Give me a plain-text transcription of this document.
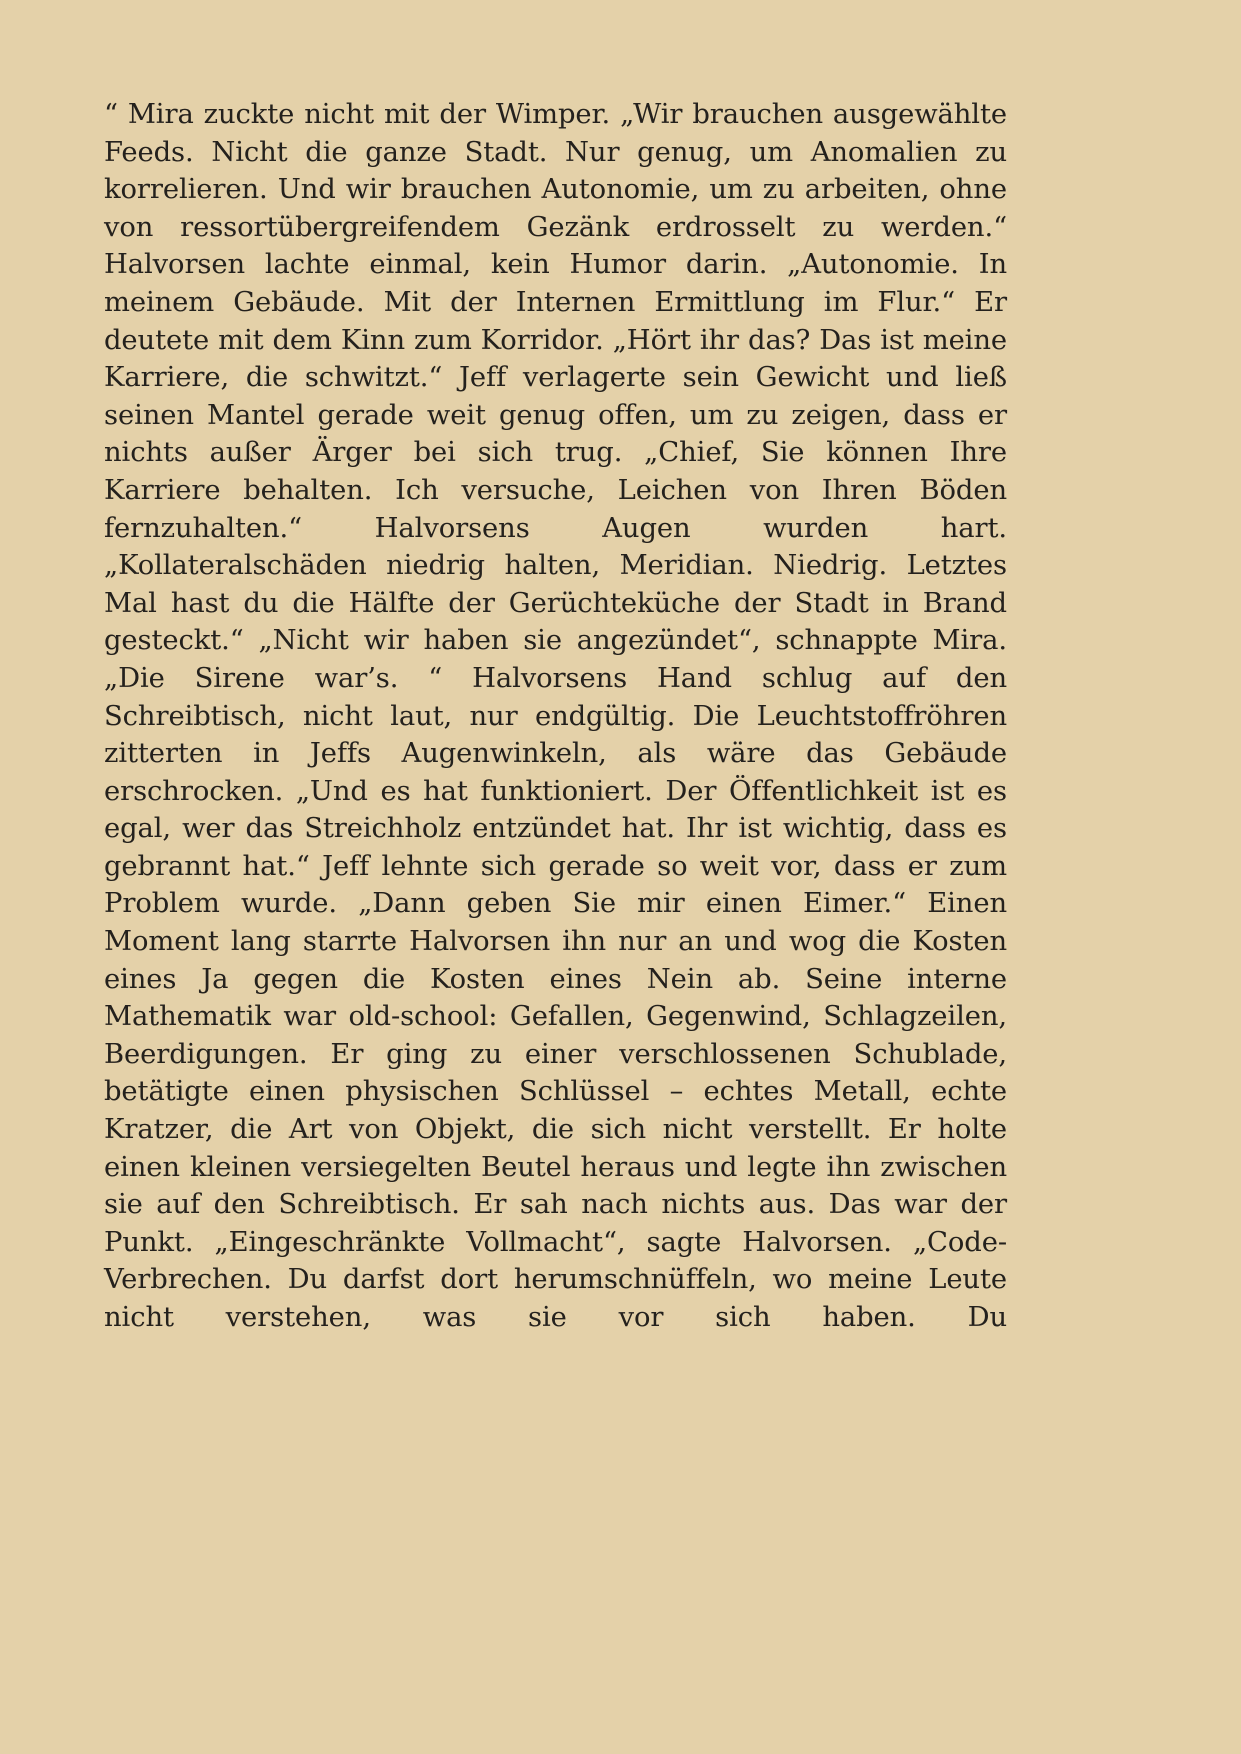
“ Mira zuckte nicht mit der Wimper. „Wir brauchen ausgewählte Feeds. Nicht die ganze Stadt. Nur genug, um Anomalien zu korrelieren. Und wir brauchen Autonomie, um zu arbeiten, ohne von ressortübergreifendem Gezänk erdrosselt zu werden.“ Halvorsen lachte einmal, kein Humor darin. „Autonomie. In meinem Gebäude. Mit der Internen Ermittlung im Flur.“ Er deutete mit dem Kinn zum Korridor. „Hört ihr das? Das ist meine Karriere, die schwitzt.“ Jeff verlagerte sein Gewicht und ließ seinen Mantel gerade weit genug offen, um zu zeigen, dass er nichts außer Ärger bei sich trug. „Chief, Sie können Ihre Karriere behalten. Ich versuche, Leichen von Ihren Böden fernzuhalten.“ Halvorsens Augen wurden hart. „Kollateralschäden niedrig halten, Meridian. Niedrig. Letztes Mal hast du die Hälfte der Gerüchteküche der Stadt in Brand gesteckt.“ „Nicht wir haben sie angezündet“, schnappte Mira. „Die Sirene war’s. “ Halvorsens Hand schlug auf den Schreibtisch, nicht laut, nur endgültig. Die Leuchtstoffröhren zitterten in Jeffs Augenwinkeln, als wäre das Gebäude erschrocken. „Und es hat funktioniert. Der Öffentlichkeit ist es egal, wer das Streichholz entzündet hat. Ihr ist wichtig, dass es gebrannt hat.“ Jeff lehnte sich gerade so weit vor, dass er zum Problem wurde. „Dann geben Sie mir einen Eimer.“ Einen Moment lang starrte Halvorsen ihn nur an und wog die Kosten eines Ja gegen die Kosten eines Nein ab. Seine interne Mathematik war old-school: Gefallen, Gegenwind, Schlagzeilen, Beerdigungen. Er ging zu einer verschlossenen Schublade, betätigte einen physischen Schlüssel – echtes Metall, echte Kratzer, die Art von Objekt, die sich nicht verstellt. Er holte einen kleinen versiegelten Beutel heraus und legte ihn zwischen sie auf den Schreibtisch. Er sah nach nichts aus. Das war der Punkt. „Eingeschränkte Vollmacht“, sagte Halvorsen. „Code-Verbrechen. Du darfst dort herumschnüffeln, wo meine Leute nicht verstehen, was sie vor sich haben. Du
